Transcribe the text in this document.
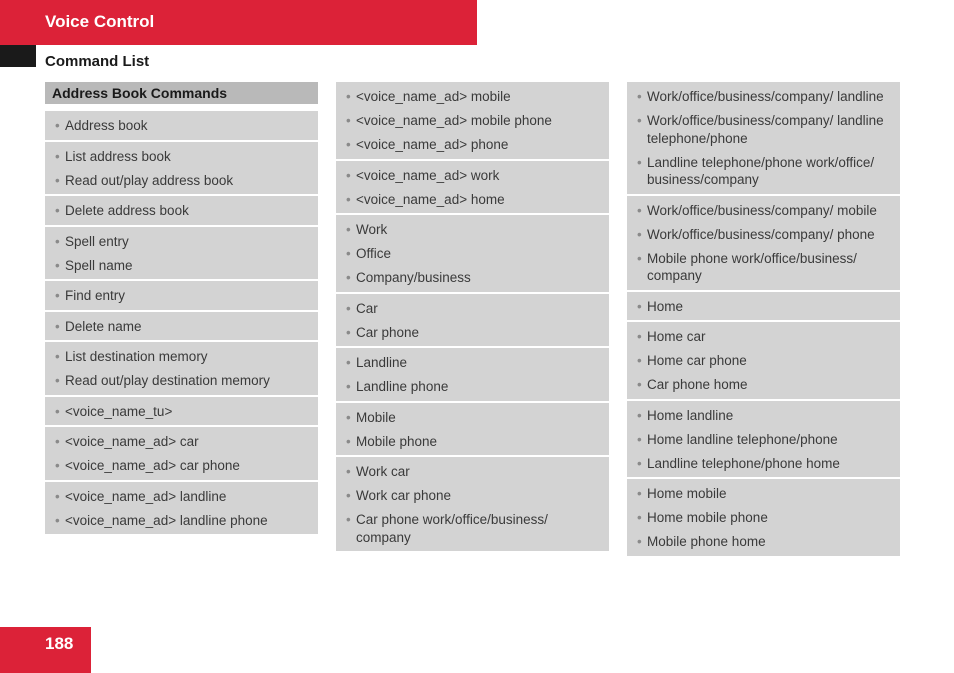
Voice Control
Command List
Address Book Commands
• Address book
• List address book
• Read out/play address book
• Delete address book
• Spell entry
• Spell name
• Find entry
• Delete name
• List destination memory
• Read out/play destination memory
• <voice_name_tu>
• <voice_name_ad> car
• <voice_name_ad> car phone
• <voice_name_ad> landline
• <voice_name_ad> landline phone
• <voice_name_ad> mobile
• <voice_name_ad> mobile phone
• <voice_name_ad> phone
• <voice_name_ad> work
• <voice_name_ad> home
• Work
• Office
• Company/business
• Car
• Car phone
• Landline
• Landline phone
• Mobile
• Mobile phone
• Work car
• Work car phone
• Car phone work/office/business/ company
• Work/office/business/company/ landline
• Work/office/business/company/ landline telephone/phone
• Landline telephone/phone work/office/ business/company
• Work/office/business/company/ mobile
• Work/office/business/company/ phone
• Mobile phone work/office/business/ company
• Home
• Home car
• Home car phone
• Car phone home
• Home landline
• Home landline telephone/phone
• Landline telephone/phone home
• Home mobile
• Home mobile phone
• Mobile phone home
188
